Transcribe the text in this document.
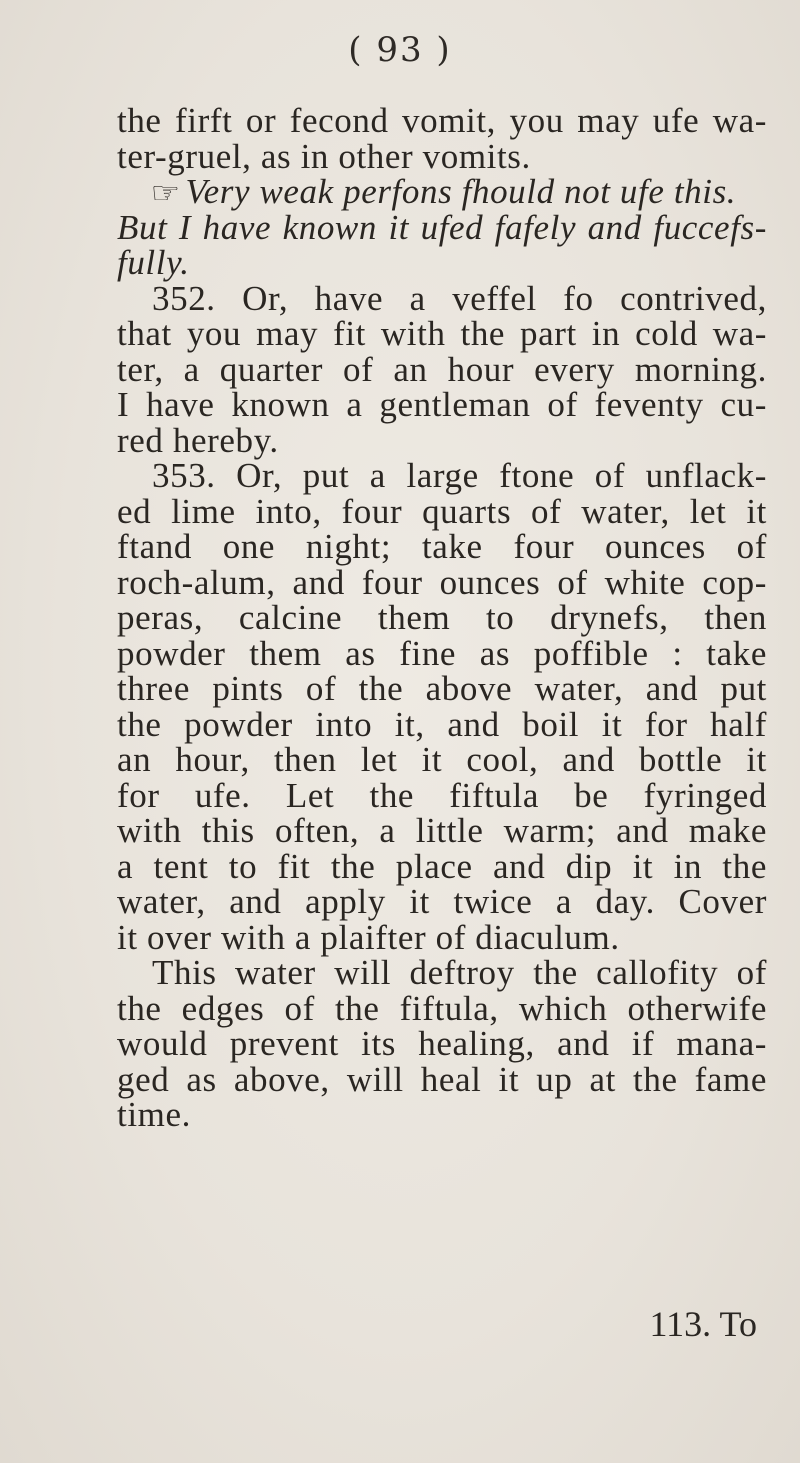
( 93 )
the firft or fecond vomit, you may ufe wa-
ter-gruel, as in other vomits.
☞ Very weak perfons fhould not ufe this.
But I have known it ufed fafely and fuccefs-
fully.
352. Or, have a veffel fo contrived,
that you may fit with the part in cold wa-
ter, a quarter of an hour every morning.
I have known a gentleman of feventy cu-
red hereby.
353. Or, put a large ftone of unflack-
ed lime into, four quarts of water, let it
ftand one night; take four ounces of
roch-alum, and four ounces of white cop-
peras, calcine them to drynefs, then
powder them as fine as poffible : take
three pints of the above water, and put
the powder into it, and boil it for half
an hour, then let it cool, and bottle it
for ufe. Let the fiftula be fyringed
with this often, a little warm; and make
a tent to fit the place and dip it in the
water, and apply it twice a day. Cover
it over with a plaifter of diaculum.
This water will deftroy the callofity of
the edges of the fiftula, which otherwife
would prevent its healing, and if mana-
ged as above, will heal it up at the fame
time.
113. To
